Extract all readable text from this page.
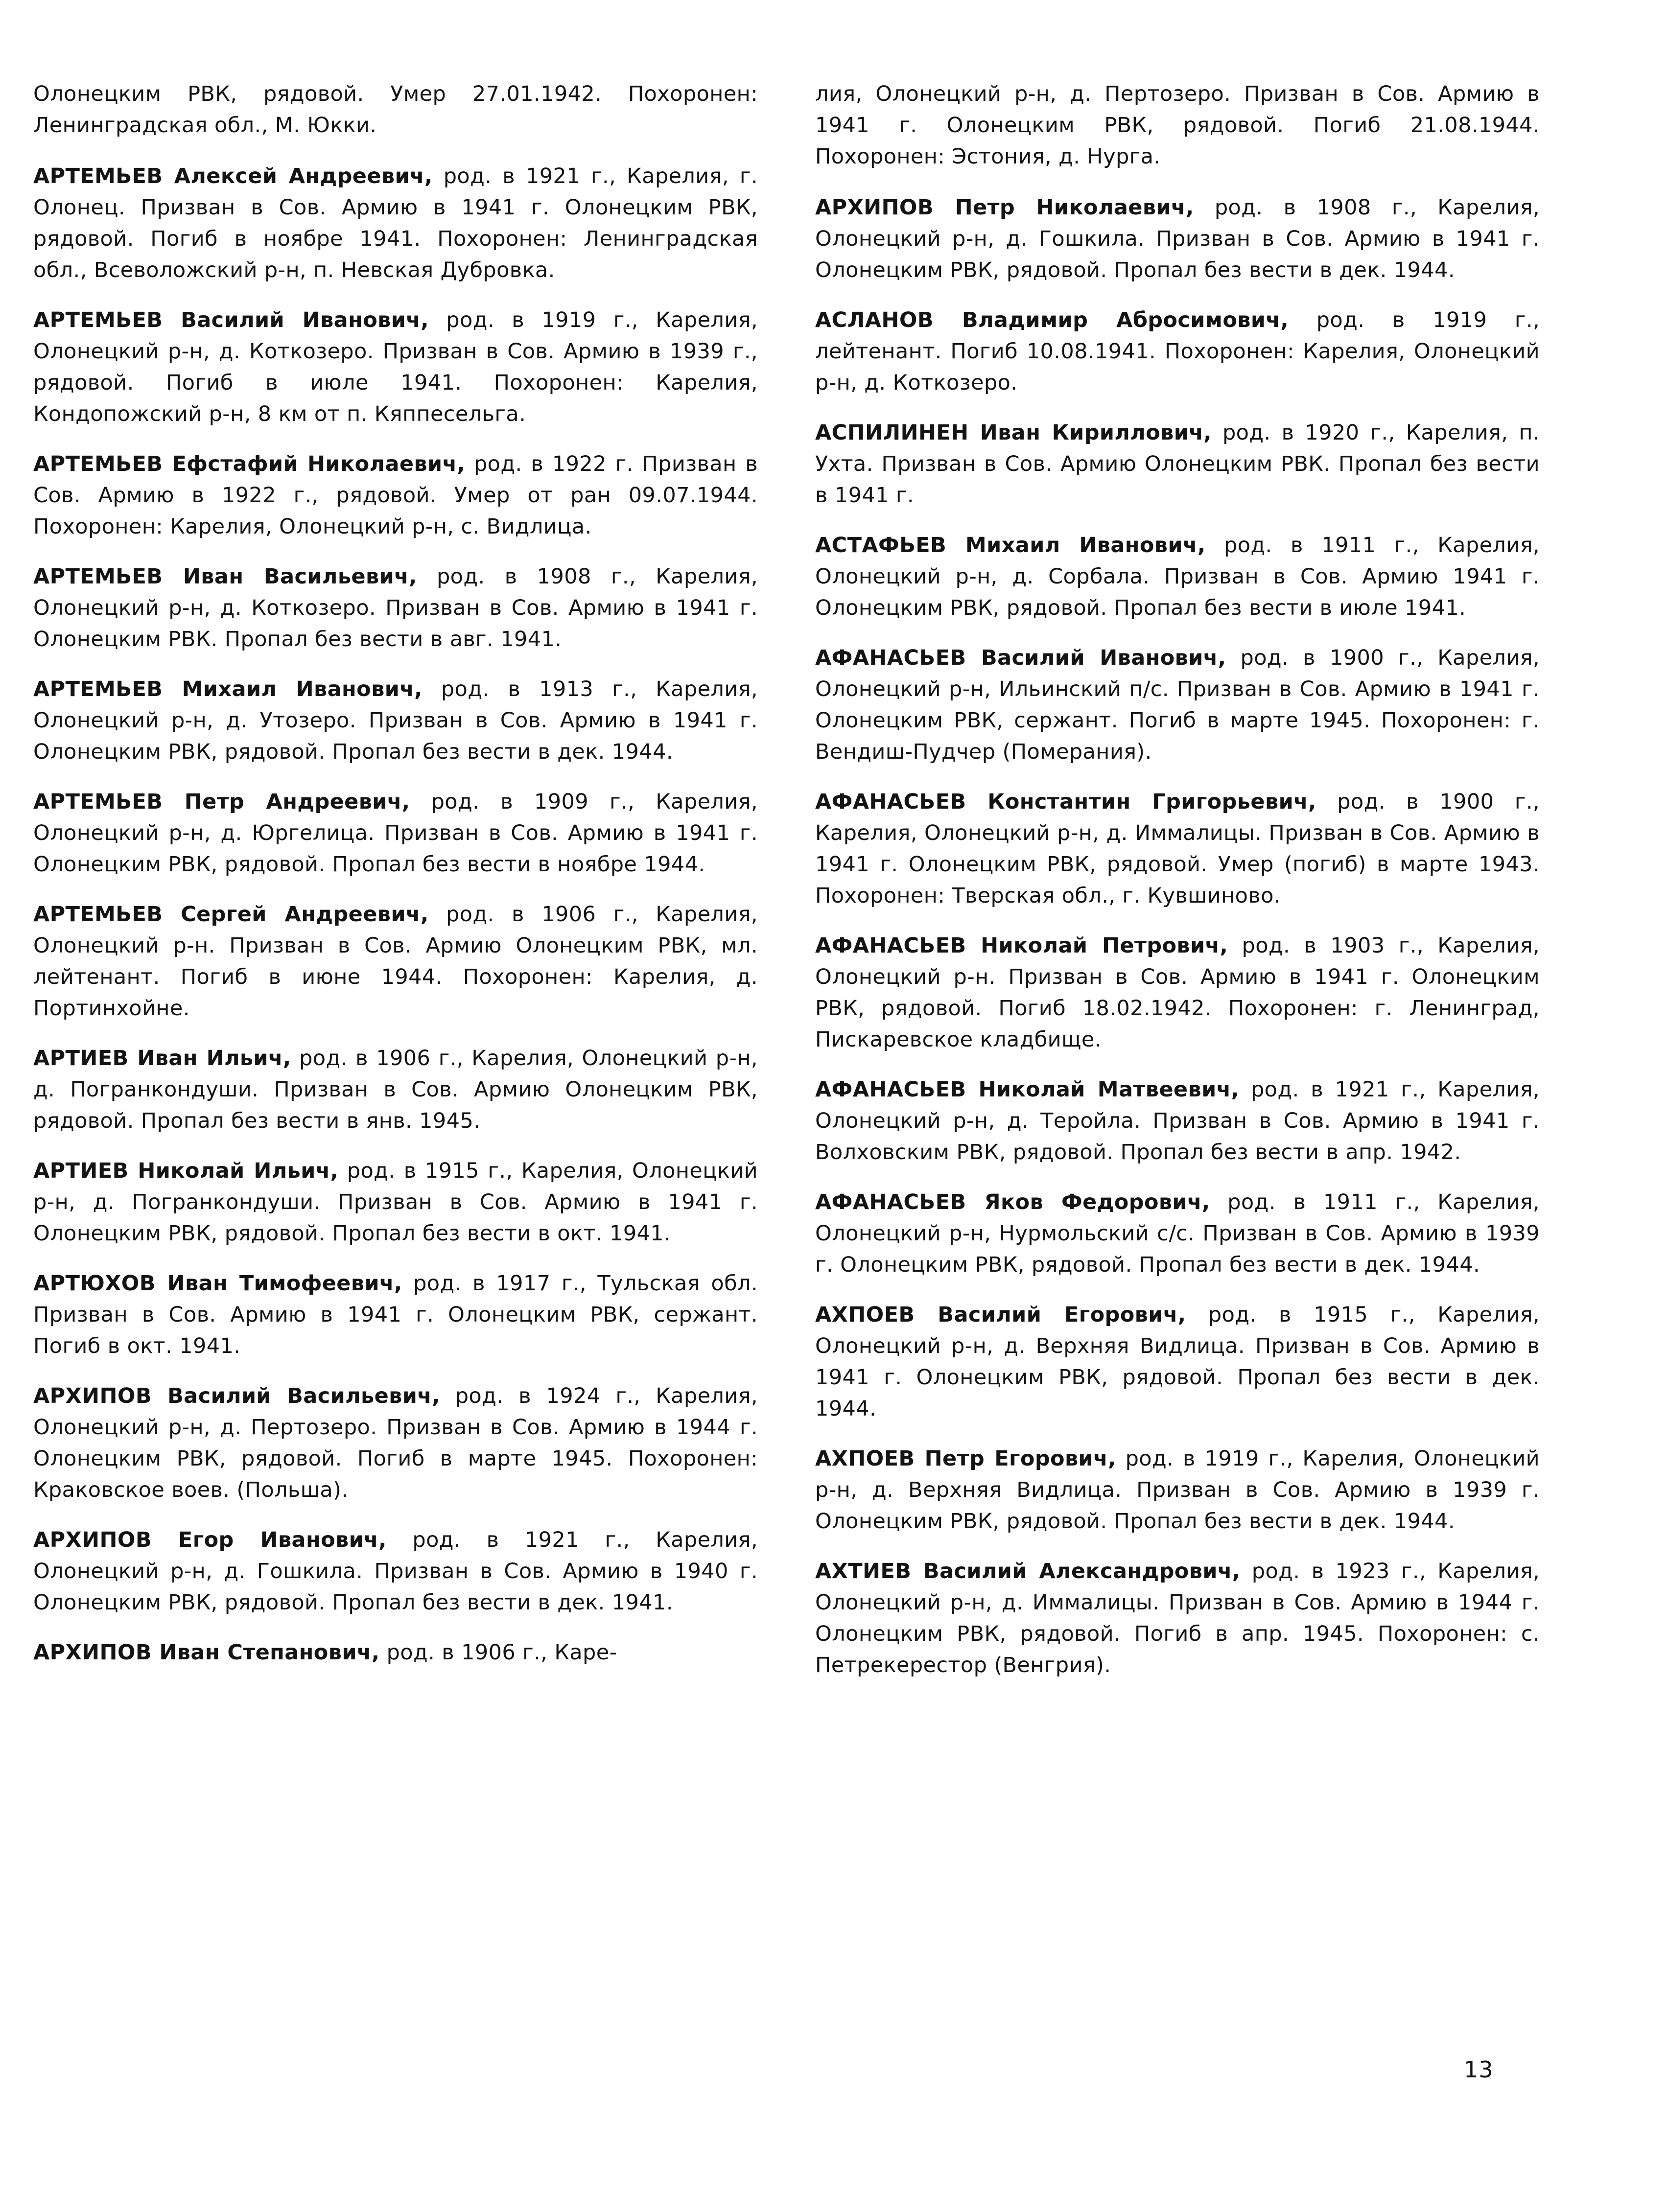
Олонецким РВК, рядовой. Умер 27.01.1942. Похоронен: Ленинградская обл., М. Юкки.

АРТЕМЬЕВ Алексей Андреевич, род. в 1921 г., Карелия, г. Олонец. Призван в Сов. Армию в 1941 г. Олонецким РВК, рядовой. Погиб в ноябре 1941. Похоронен: Ленинградская обл., Всеволожский р-н, п. Невская Дубровка.

АРТЕМЬЕВ Василий Иванович, род. в 1919 г., Карелия, Олонецкий р-н, д. Коткозеро. Призван в Сов. Армию в 1939 г., рядовой. Погиб в июле 1941. Похоронен: Карелия, Кондопожский р-н, 8 км от п. Кяппесельга.

АРТЕМЬЕВ Ефстафий Николаевич, род. в 1922 г. Призван в Сов. Армию в 1922 г., рядовой. Умер от ран 09.07.1944. Похоронен: Карелия, Олонецкий р-н, с. Видлица.

АРТЕМЬЕВ Иван Васильевич, род. в 1908 г., Карелия, Олонецкий р-н, д. Коткозеро. Призван в Сов. Армию в 1941 г. Олонецким РВК. Пропал без вести в авг. 1941.

АРТЕМЬЕВ Михаил Иванович, род. в 1913 г., Карелия, Олонецкий р-н, д. Утозеро. Призван в Сов. Армию в 1941 г. Олонецким РВК, рядовой. Пропал без вести в дек. 1944.

АРТЕМЬЕВ Петр Андреевич, род. в 1909 г., Карелия, Олонецкий р-н, д. Юргелица. Призван в Сов. Армию в 1941 г. Олонецким РВК, рядовой. Пропал без вести в ноябре 1944.

АРТЕМЬЕВ Сергей Андреевич, род. в 1906 г., Карелия, Олонецкий р-н. Призван в Сов. Армию Олонецким РВК, мл. лейтенант. Погиб в июне 1944. Похоронен: Карелия, д. Портинхойне.

АРТИЕВ Иван Ильич, род. в 1906 г., Карелия, Олонецкий р-н, д. Погранкондуши. Призван в Сов. Армию Олонецким РВК, рядовой. Пропал без вести в янв. 1945.

АРТИЕВ Николай Ильич, род. в 1915 г., Карелия, Олонецкий р-н, д. Погранкондуши. Призван в Сов. Армию в 1941 г. Олонецким РВК, рядовой. Пропал без вести в окт. 1941.

АРТЮХОВ Иван Тимофеевич, род. в 1917 г., Тульская обл. Призван в Сов. Армию в 1941 г. Олонецким РВК, сержант. Погиб в окт. 1941.

АРХИПОВ Василий Васильевич, род. в 1924 г., Карелия, Олонецкий р-н, д. Пертозеро. Призван в Сов. Армию в 1944 г. Олонецким РВК, рядовой. Погиб в марте 1945. Похоронен: Краковское воев. (Польша).

АРХИПОВ Егор Иванович, род. в 1921 г., Карелия, Олонецкий р-н, д. Гошкила. Призван в Сов. Армию в 1940 г. Олонецким РВК, рядовой. Пропал без вести в дек. 1941.

АРХИПОВ Иван Степанович, род. в 1906 г., Каре-

лия, Олонецкий р-н, д. Пертозеро. Призван в Сов. Армию в 1941 г. Олонецким РВК, рядовой. Погиб 21.08.1944. Похоронен: Эстония, д. Нурга.

АРХИПОВ Петр Николаевич, род. в 1908 г., Карелия, Олонецкий р-н, д. Гошкила. Призван в Сов. Армию в 1941 г. Олонецким РВК, рядовой. Пропал без вести в дек. 1944.

АСЛАНОВ Владимир Абросимович, род. в 1919 г., лейтенант. Погиб 10.08.1941. Похоронен: Карелия, Олонецкий р-н, д. Коткозеро.

АСПИЛИНЕН Иван Кириллович, род. в 1920 г., Карелия, п. Ухта. Призван в Сов. Армию Олонецким РВК. Пропал без вести в 1941 г.

АСТАФЬЕВ Михаил Иванович, род. в 1911 г., Карелия, Олонецкий р-н, д. Сорбала. Призван в Сов. Армию 1941 г. Олонецким РВК, рядовой. Пропал без вести в июле 1941.

АФАНАСЬЕВ Василий Иванович, род. в 1900 г., Карелия, Олонецкий р-н, Ильинский п/с. Призван в Сов. Армию в 1941 г. Олонецким РВК, сержант. Погиб в марте 1945. Похоронен: г. Вендиш-Пудчер (Померания).

АФАНАСЬЕВ Константин Григорьевич, род. в 1900 г., Карелия, Олонецкий р-н, д. Иммалицы. Призван в Сов. Армию в 1941 г. Олонецким РВК, рядовой. Умер (погиб) в марте 1943. Похоронен: Тверская обл., г. Кувшиново.

АФАНАСЬЕВ Николай Петрович, род. в 1903 г., Карелия, Олонецкий р-н. Призван в Сов. Армию в 1941 г. Олонецким РВК, рядовой. Погиб 18.02.1942. Похоронен: г. Ленинград, Пискаревское кладбище.

АФАНАСЬЕВ Николай Матвеевич, род. в 1921 г., Карелия, Олонецкий р-н, д. Теройла. Призван в Сов. Армию в 1941 г. Волховским РВК, рядовой. Пропал без вести в апр. 1942.

АФАНАСЬЕВ Яков Федорович, род. в 1911 г., Карелия, Олонецкий р-н, Нурмольский с/с. Призван в Сов. Армию в 1939 г. Олонецким РВК, рядовой. Пропал без вести в дек. 1944.

АХПОЕВ Василий Егорович, род. в 1915 г., Карелия, Олонецкий р-н, д. Верхняя Видлица. Призван в Сов. Армию в 1941 г. Олонецким РВК, рядовой. Пропал без вести в дек. 1944.

АХПОЕВ Петр Егорович, род. в 1919 г., Карелия, Олонецкий р-н, д. Верхняя Видлица. Призван в Сов. Армию в 1939 г. Олонецким РВК, рядовой. Пропал без вести в дек. 1944.

АХТИЕВ Василий Александрович, род. в 1923 г., Карелия, Олонецкий р-н, д. Иммалицы. Призван в Сов. Армию в 1944 г. Олонецким РВК, рядовой. Погиб в апр. 1945. Похоронен: с. Петрекерестор (Венгрия).

13
